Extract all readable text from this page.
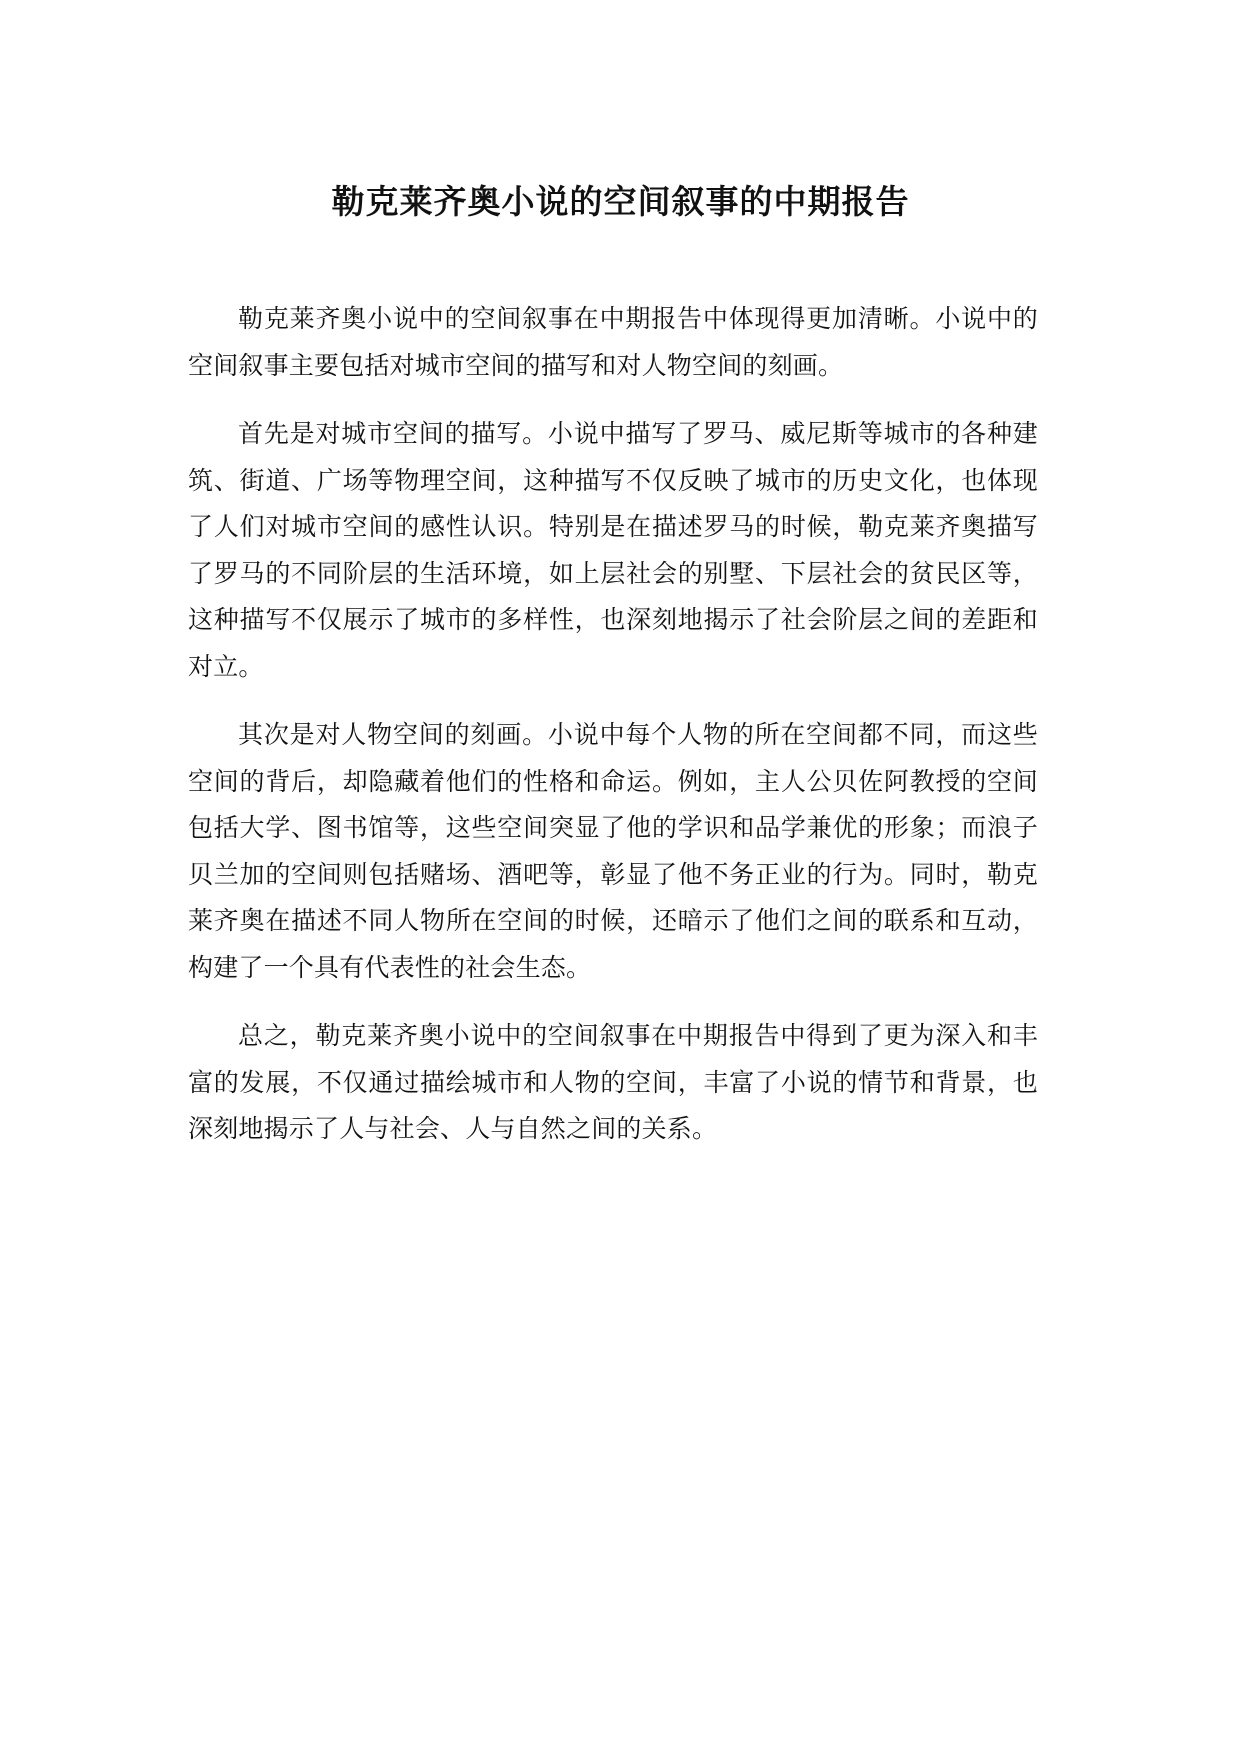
勒克莱齐奥小说的空间叙事的中期报告

勒克莱齐奥小说中的空间叙事在中期报告中体现得更加清晰。小说中的空间叙事主要包括对城市空间的描写和对人物空间的刻画。

首先是对城市空间的描写。小说中描写了罗马、威尼斯等城市的各种建筑、街道、广场等物理空间，这种描写不仅反映了城市的历史文化，也体现了人们对城市空间的感性认识。特别是在描述罗马的时候，勒克莱齐奥描写了罗马的不同阶层的生活环境，如上层社会的别墅、下层社会的贫民区等，这种描写不仅展示了城市的多样性，也深刻地揭示了社会阶层之间的差距和对立。

其次是对人物空间的刻画。小说中每个人物的所在空间都不同，而这些空间的背后，却隐藏着他们的性格和命运。例如，主人公贝佐阿教授的空间包括大学、图书馆等，这些空间突显了他的学识和品学兼优的形象；而浪子贝兰加的空间则包括赌场、酒吧等，彰显了他不务正业的行为。同时，勒克莱齐奥在描述不同人物所在空间的时候，还暗示了他们之间的联系和互动，构建了一个具有代表性的社会生态。

总之，勒克莱齐奥小说中的空间叙事在中期报告中得到了更为深入和丰富的发展，不仅通过描绘城市和人物的空间，丰富了小说的情节和背景，也深刻地揭示了人与社会、人与自然之间的关系。
